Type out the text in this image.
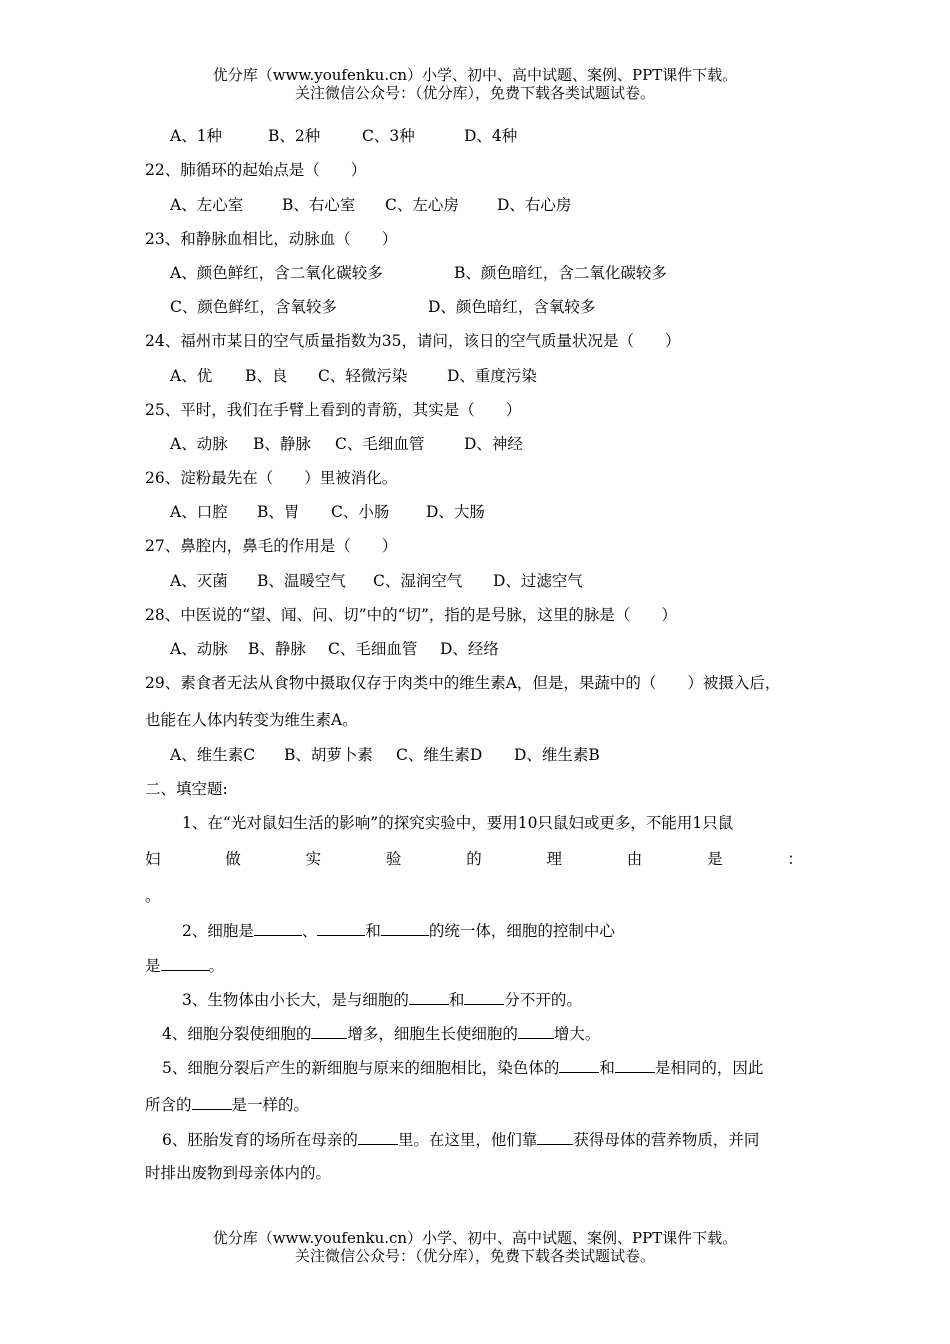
优分库（www.youfenku.cn）小学、初中、高中试题、案例、PPT课件下载。
关注微信公众号：（优分库），免费下载各类试题试卷。
A、1种	B、2种	C、3种	D、4种
22、肺循环的起始点是（　　）
A、左心室	B、右心室 C、左心房 D、右心房
23、和静脉血相比，动脉血（　　）
A、颜色鲜红，含二氧化碳较多	B、颜色暗红，含二氧化碳较多
C、颜色鲜红，含氧较多	D、颜色暗红，含氧较多
24、福州市某日的空气质量指数为35，请问，该日的空气质量状况是（　　）
A、优 B、良 C、轻微污染	D、重度污染
25、平时，我们在手臂上看到的青筋，其实是（　　）
A、动脉 B、静脉 C、毛细血管	D、神经
26、淀粉最先在（　　）里被消化。
A、口腔 B、胃 C、小肠 D、大肠
27、鼻腔内，鼻毛的作用是（　　）
A、灭菌 B、温暖空气 C、湿润空气 D、过滤空气
28、中医说的“望、闻、问、切”中的“切”，指的是号脉，这里的脉是（　　）
A、动脉 B、静脉 C、毛细血管 D、经络
29、素食者无法从食物中摄取仅存于肉类中的维生素A，但是，果蔬中的（　　）被摄入后，
也能在人体内转变为维生素A。
A、维生素C B、胡萝卜素 C、维生素D D、维生素B
二、填空题:
1、在“光对鼠妇生活的影响”的探究实验中，要用10只鼠妇或更多，不能用1只鼠
妇	做	实	验	的	理	由	是	：
。
2、细胞是	、	和	的统一体，细胞的控制中心
是	。
3、生物体由小长大，是与细胞的	和	分不开的。
4、细胞分裂使细胞的 增多，细胞生长使细胞的 增大。
5、细胞分裂后产生的新细胞与原来的细胞相比，染色体的	和	是相同的，因此
所含的	是一样的。
6、胚胎发育的场所在母亲的	里。在这里，他们靠 获得母体的营养物质，并同
时排出废物到母亲体内的。
优分库（www.youfenku.cn）小学、初中、高中试题、案例、PPT课件下载。
关注微信公众号：（优分库），免费下载各类试题试卷。
